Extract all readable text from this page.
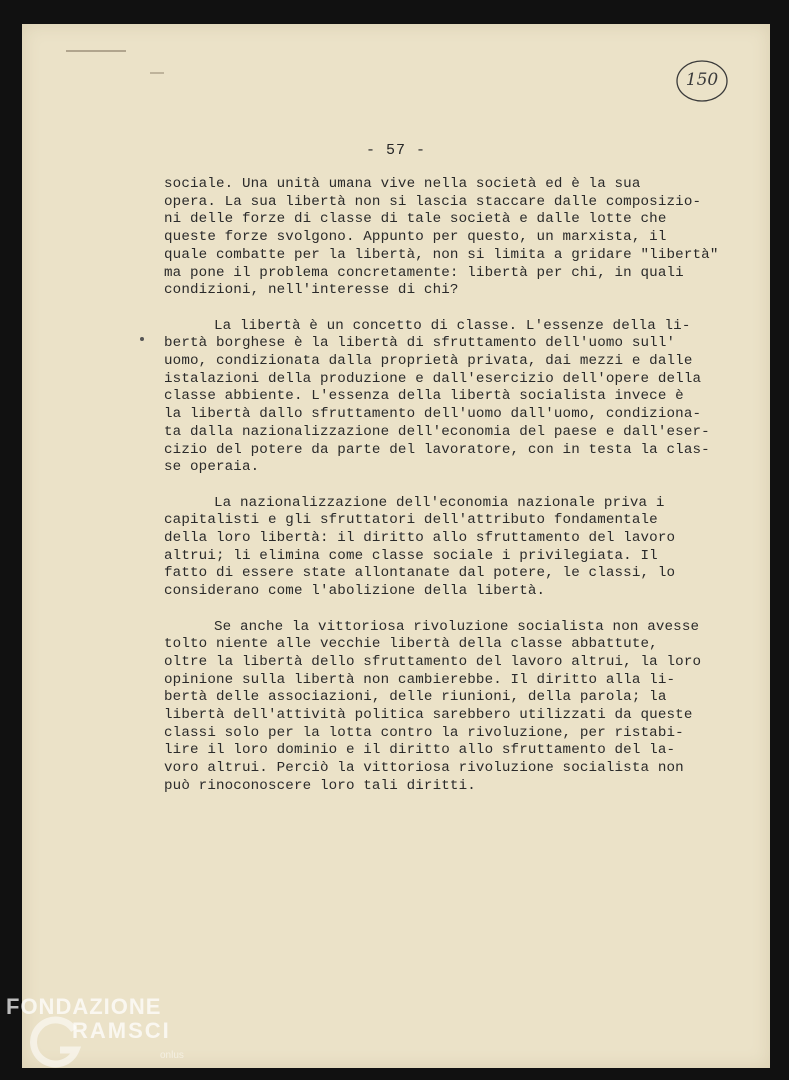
150
- 57 -
sociale. Una unità umana vive nella società ed è la sua
opera. La sua libertà non si lascia staccare dalle composizio-
ni delle forze di classe di tale società e dalle lotte che
queste forze svolgono. Appunto per questo, un marxista, il
quale combatte per la libertà, non si limita a gridare "libertà"
ma pone il problema concretamente: libertà per chi, in quali
condizioni, nell'interesse di chi?
La libertà è un concetto di classe. L'essenze della li-
bertà borghese è la libertà di sfruttamento dell'uomo sull'
uomo, condizionata dalla proprietà privata, dai mezzi e dalle
istalazioni della produzione e dall'esercizio dell'opere della
classe abbiente. L'essenza della libertà socialista invece è
la libertà dallo sfruttamento dell'uomo dall'uomo, condiziona-
ta dalla nazionalizzazione dell'economia del paese e dall'eser-
cizio del potere da parte del lavoratore, con in testa la clas-
se operaia.
La nazionalizzazione dell'economia nazionale priva i
capitalisti e gli sfruttatori dell'attributo fondamentale
della loro libertà: il diritto allo sfruttamento del lavoro
altrui; li elimina come classe sociale i privilegiata. Il
fatto di essere state allontanate dal potere, le classi, lo
considerano come l'abolizione della libertà.
Se anche la vittoriosa rivoluzione socialista non avesse
tolto niente alle vecchie libertà della classe abbattute,
oltre la libertà dello sfruttamento del lavoro altrui, la loro
opinione sulla libertà non cambierebbe. Il diritto alla li-
bertà delle associazioni, delle riunioni, della parola; la
libertà dell'attività politica sarebbero utilizzati da queste
classi solo per la lotta contro la rivoluzione, per ristabi-
lire il loro dominio e il diritto allo sfruttamento del la-
voro altrui. Perciò la vittoriosa rivoluzione socialista non
può rinoconoscere loro tali diritti.
FONDAZIONE
RAMSCI
onlus
